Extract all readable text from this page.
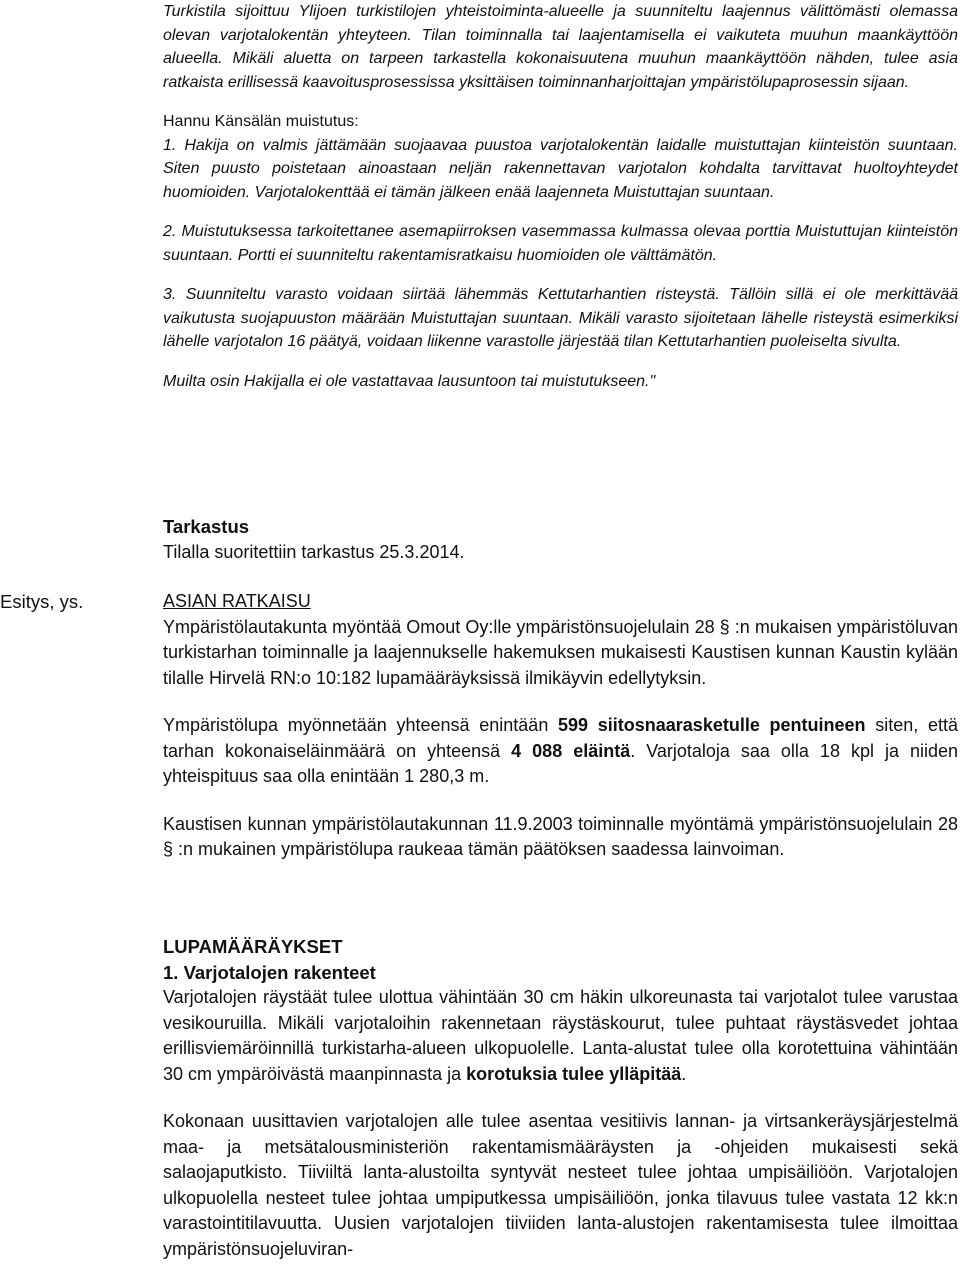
Turkistila sijoittuu Ylijoen turkistilojen yhteistoiminta-alueelle ja suunniteltu laajennus välittömästi olemassa olevan varjotalokentän yhteyteen. Tilan toiminnalla tai laajentamisella ei vaikuteta muuhun maankäyttöön alueella. Mikäli aluetta on tarpeen tarkastella kokonaisuutena muuhun maankäyttöön nähden, tulee asia ratkaista erillisessä kaavoitusprosessissa yksittäisen toiminnanharjoittajan ympäristölupaprosessin sijaan.

Hannu Känsälän muistutus:

1. Hakija on valmis jättämään suojaavaa puustoa varjotalokentän laidalle muistuttajan kiinteistön suuntaan. Siten puusto poistetaan ainoastaan neljän rakennettavan varjotalon kohdalta tarvittavat huoltoyhteydet huomioiden. Varjotalokenttää ei tämän jälkeen enää laajenneta Muistuttajan suuntaan.

2. Muistutuksessa tarkoitettanee asemapiirroksen vasemmassa kulmassa olevaa porttia Muistuttujan kiinteistön suuntaan. Portti ei suunniteltu rakentamisratkaisu huomioiden ole välttämätön.

3. Suunniteltu varasto voidaan siirtää lähemmäs Kettutarhantien risteystä. Tällöin sillä ei ole merkittävää vaikutusta suojapuuston määrään Muistuttajan suuntaan. Mikäli varasto sijoitetaan lähelle risteystä esimerkiksi lähelle varjotalon 16 päätyä, voidaan liikenne varastolle järjestää tilan Kettutarhantien puoleiselta sivulta.

Muilta osin Hakijalla ei ole vastattavaa lausuntoon tai muistutukseen."

Tarkastus

Tilalla suoritettiin tarkastus 25.3.2014.

Esitys, ys.	ASIAN RATKAISU

Ympäristölautakunta myöntää Omout Oy:lle ympäristönsuojelulain 28 § :n mukaisen ympäristöluvan turkistarhan toiminnalle ja laajennukselle hakemuksen mukaisesti Kaustisen kunnan Kaustin kylään tilalle Hirvelä RN:o 10:182 lupamääräyksissä ilmikäyvin edellytyksin.

Ympäristölupa myönnetään yhteensä enintään 599 siitosnaarasketulle pentuineen siten, että tarhan kokonaiseläinmäärä on yhteensä 4 088 eläintä. Varjotaloja saa olla 18 kpl ja niiden yhteispituus saa olla enintään 1 280,3 m.

Kaustisen kunnan ympäristölautakunnan 11.9.2003 toiminnalle myöntämä ympäristönsuojelulain 28 § :n mukainen ympäristölupa raukeaa tämän päätöksen saadessa lainvoiman.

LUPAMÄÄRÄYKSET

1. Varjotalojen rakenteet

Varjotalojen räystäät tulee ulottua vähintään 30 cm häkin ulkoreunasta tai varjotalot tulee varustaa vesikouruilla. Mikäli varjotaloihin rakennetaan räystäskourut, tulee puhtaat räystäsvedet johtaa erillisviemäröinnillä turkistarha-alueen ulkopuolelle. Lanta-alustat tulee olla korotettuina vähintään 30 cm ympäröivästä maanpinnasta ja korotuksia tulee ylläpitää.

Kokonaan uusittavien varjotalojen alle tulee asentaa vesitiivis lannan- ja virtsankeräysjärjestelmä maa- ja metsätalousministeriön rakentamismääräysten ja -ohjeiden mukaisesti sekä salaojaputkisto. Tiiviiltä lanta-alustoilta syntyvät nesteet tulee johtaa umpisäiliöön. Varjotalojen ulkopuolella nesteet tulee johtaa umpiputkessa umpisäiliöön, jonka tilavuus tulee vastata 12 kk:n varastointitilavuutta. Uusien varjotalojen tiiviiden lanta-alustojen rakentamisesta tulee ilmoittaa ympäristönsuojeluviran-
